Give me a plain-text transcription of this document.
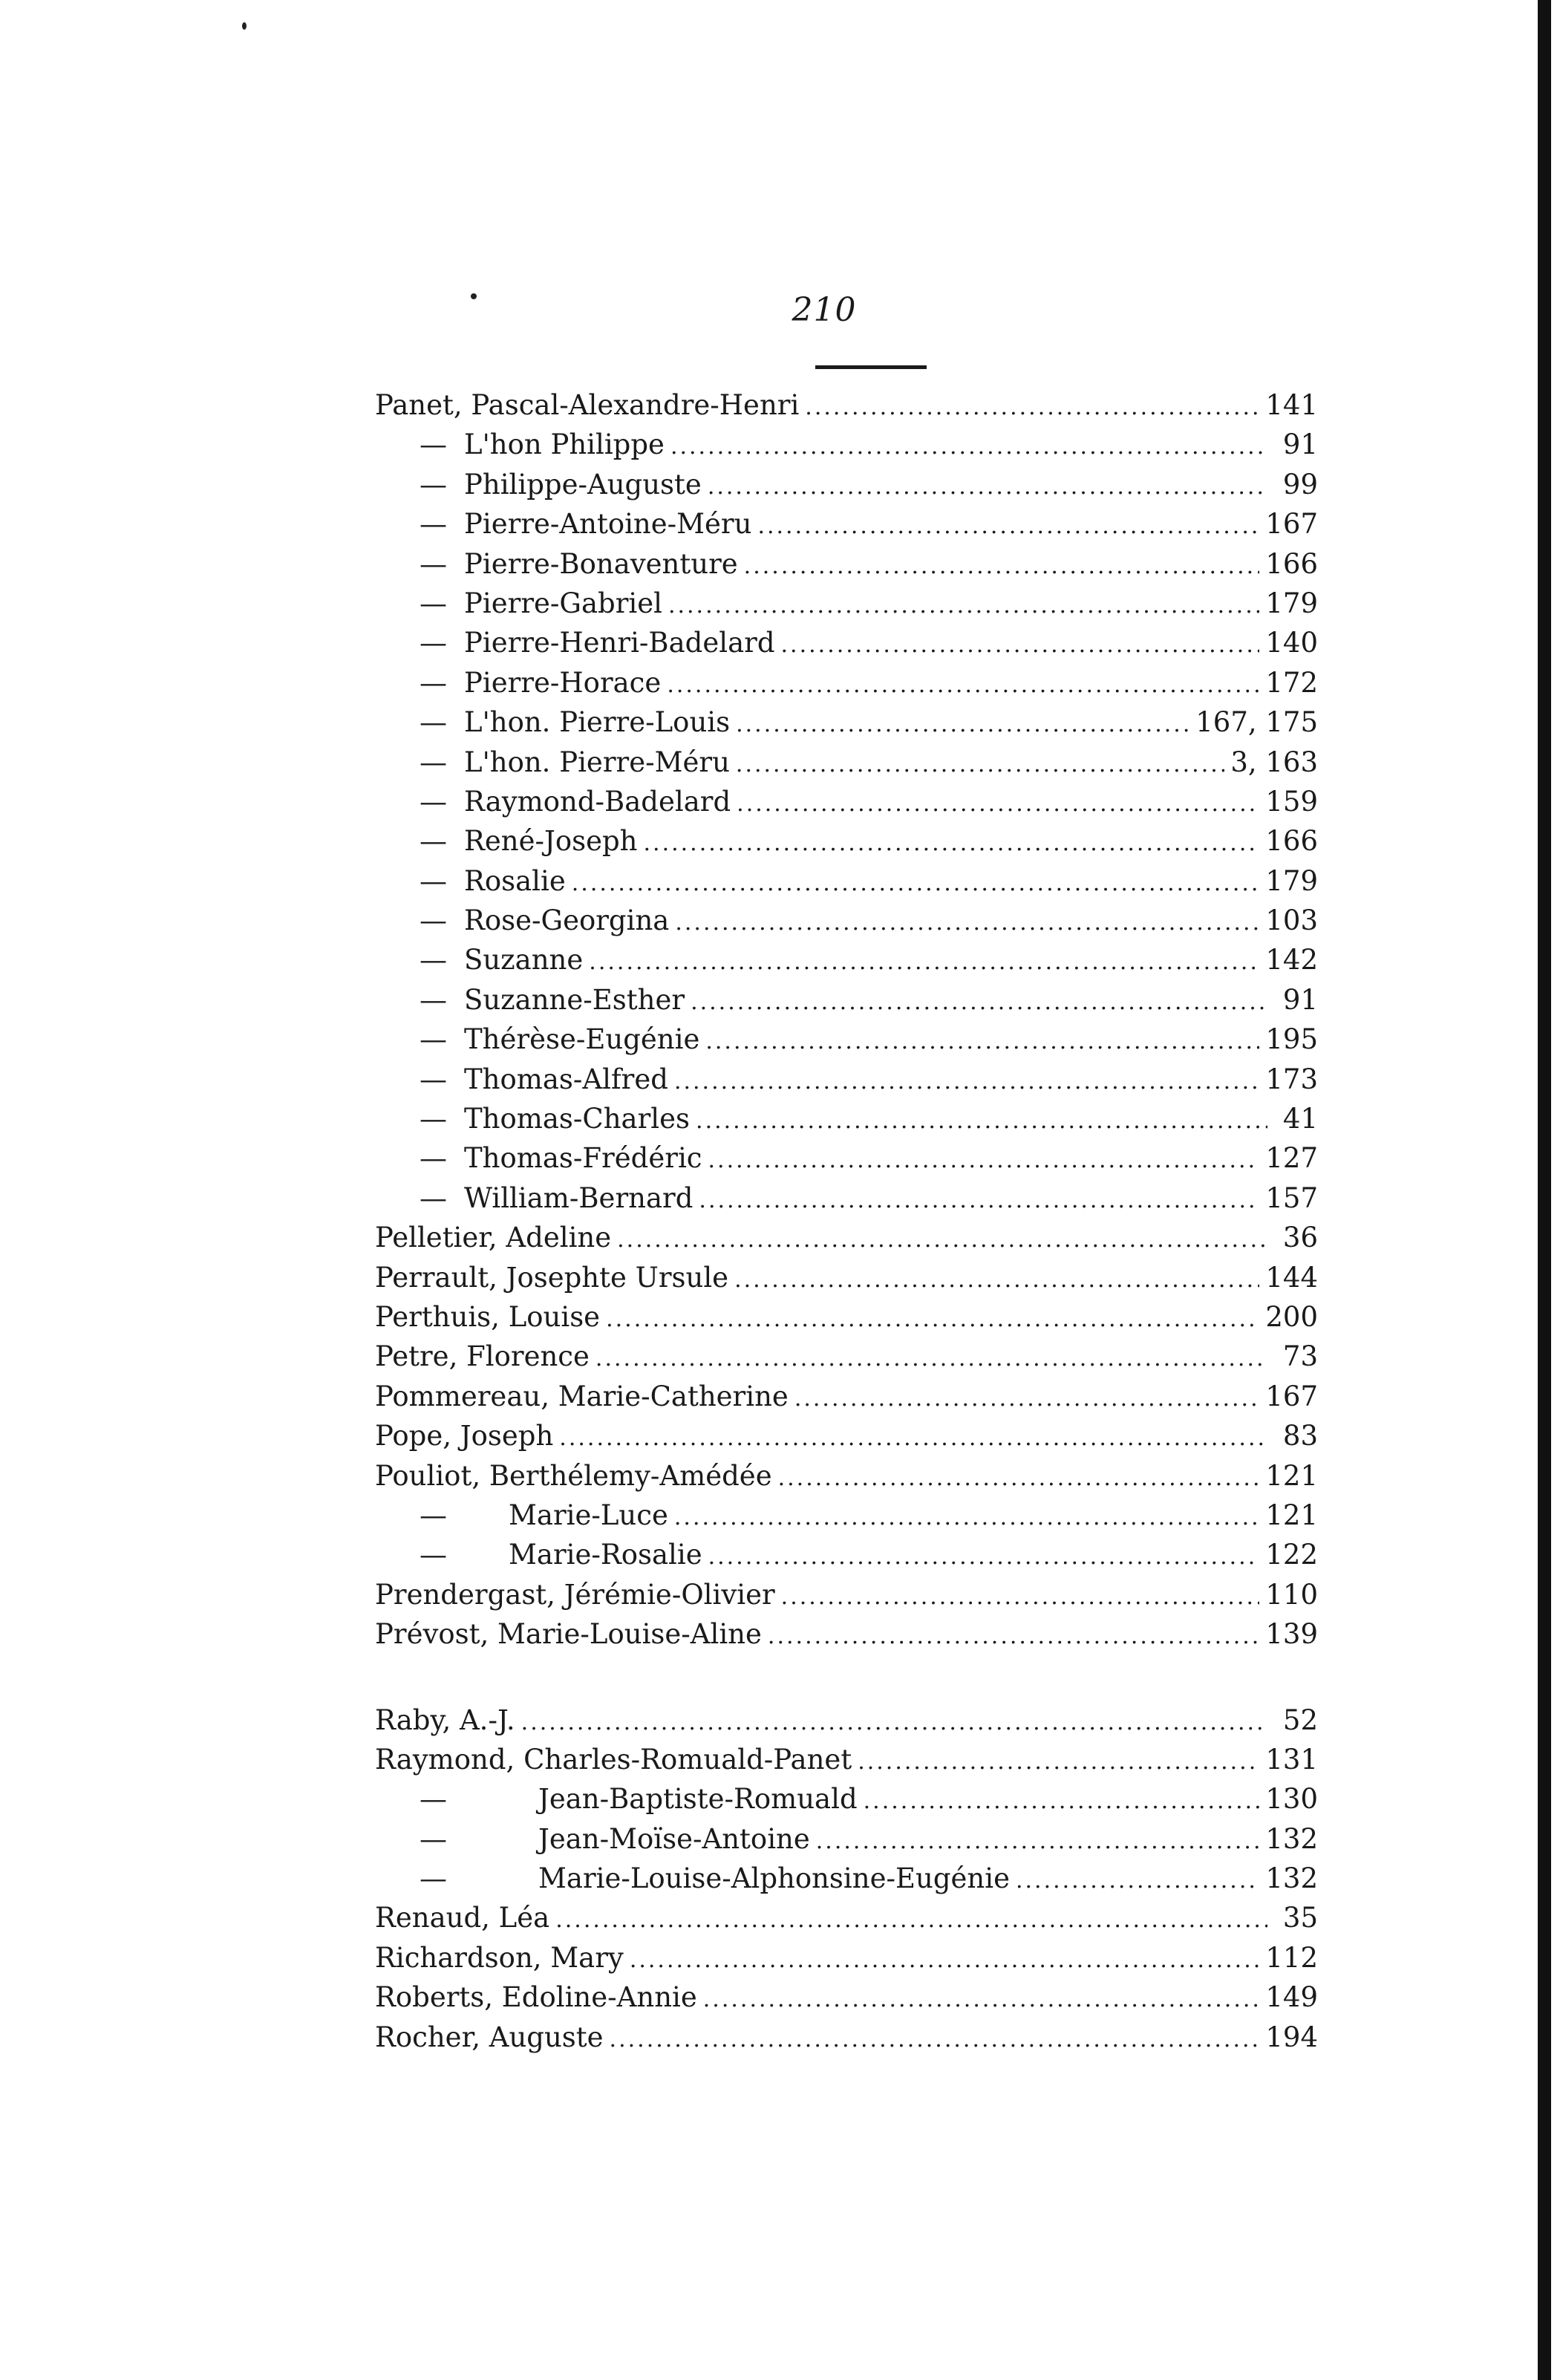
210
Panet, Pascal-Alexandre-Henri .....	141
— L'hon Philippe .....	91
— Philippe-Auguste .....	99
— Pierre-Antoine-Méru .....	167
— Pierre-Bonaventure .....	166
— Pierre-Gabriel .....	179
— Pierre-Henri-Badelard .....	140
— Pierre-Horace .....	172
— L'hon. Pierre-Louis .....	167, 175
— L'hon. Pierre-Méru .....	3, 163
— Raymond-Badelard .....	159
— René-Joseph .....	166
— Rosalie .....	179
— Rose-Georgina .....	103
— Suzanne .....	142
— Suzanne-Esther .....	91
— Thérèse-Eugénie .....	195
— Thomas-Alfred .....	173
— Thomas-Charles .....	41
— Thomas-Frédéric .....	127
— William-Bernard .....	157
Pelletier, Adeline .....	36
Perrault, Josephte Ursule .....	144
Perthuis, Louise .....	200
Petre, Florence .....	73
Pommereau, Marie-Catherine .....	167
Pope, Joseph .....	83
Pouliot, Berthélemy-Amédée .....	121
—	Marie-Luce .....	121
—	Marie-Rosalie .....	122
Prendergast, Jérémie-Olivier .....	110
Prévost, Marie-Louise-Aline .....	139
Raby, A.-J. .....	52
Raymond, Charles-Romuald-Panet .....	131
—	Jean-Baptiste-Romuald .....	130
—	Jean-Moïse-Antoine .....	132
—	Marie-Louise-Alphonsine-Eugénie .....	132
Renaud, Léa .....	35
Richardson, Mary .....	112
Roberts, Edoline-Annie .....	149
Rocher, Auguste .....	194
